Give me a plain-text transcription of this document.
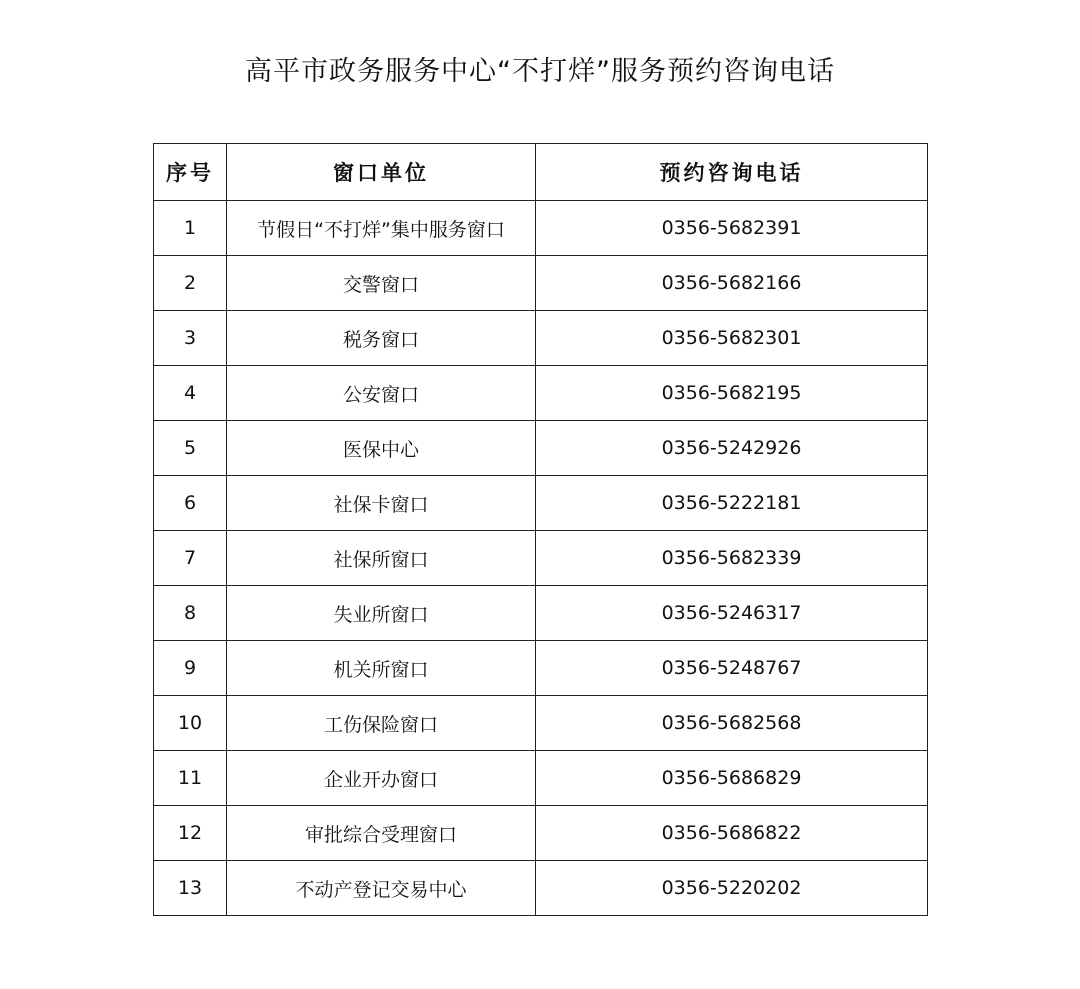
高平市政务服务中心“不打烊”服务预约咨询电话
序号	窗口单位	预约咨询电话
1	节假日“不打烊”集中服务窗口	0356-5682391
2	交警窗口	0356-5682166
3	税务窗口	0356-5682301
4	公安窗口	0356-5682195
5	医保中心	0356-5242926
6	社保卡窗口	0356-5222181
7	社保所窗口	0356-5682339
8	失业所窗口	0356-5246317
9	机关所窗口	0356-5248767
10	工伤保险窗口	0356-5682568
11	企业开办窗口	0356-5686829
12	审批综合受理窗口	0356-5686822
13	不动产登记交易中心	0356-5220202
